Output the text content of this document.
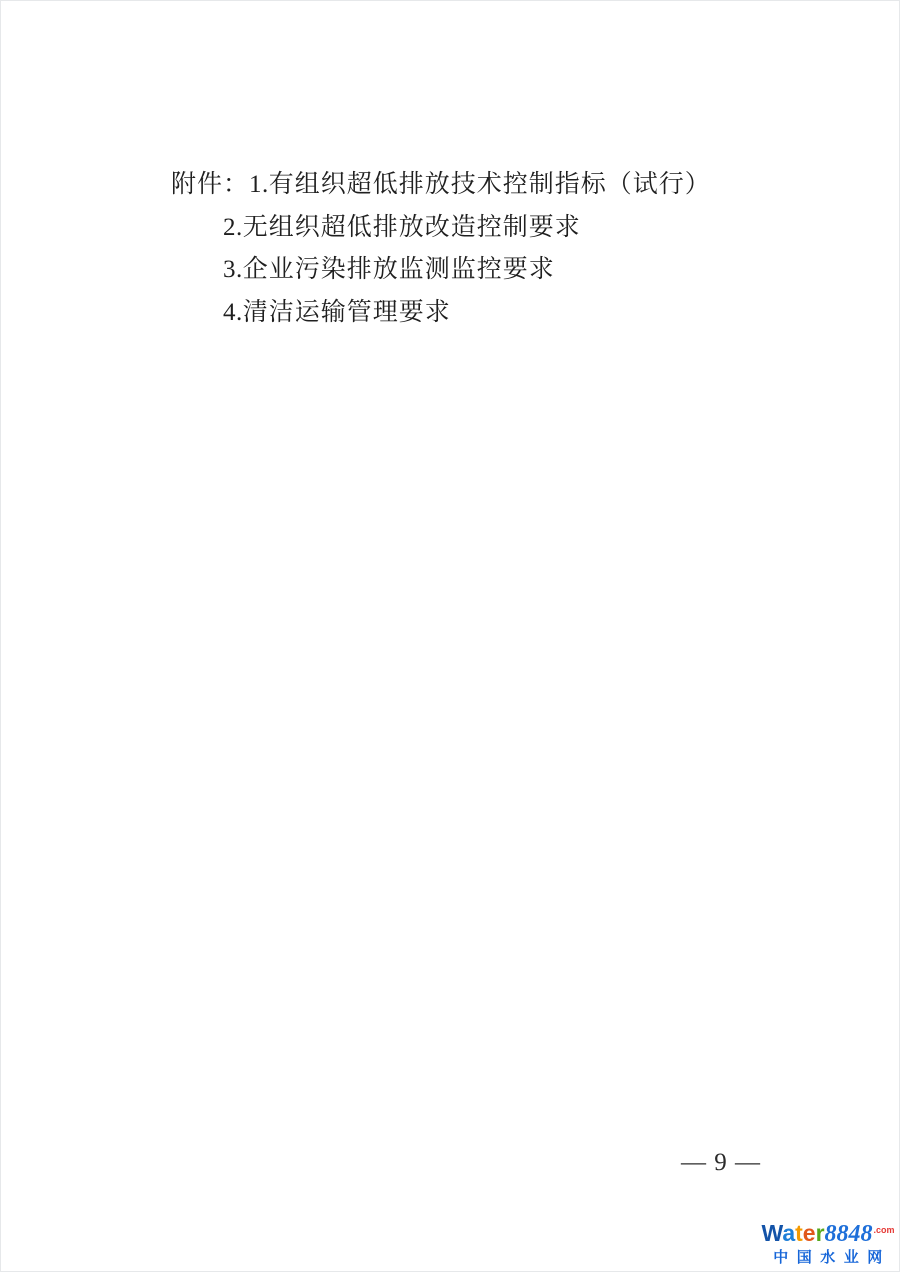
附件：1.有组织超低排放技术控制指标（试行）
2.无组织超低排放改造控制要求
3.企业污染排放监测监控要求
4.清洁运输管理要求
— 9 —
Water 8848 .com
中国水业网
